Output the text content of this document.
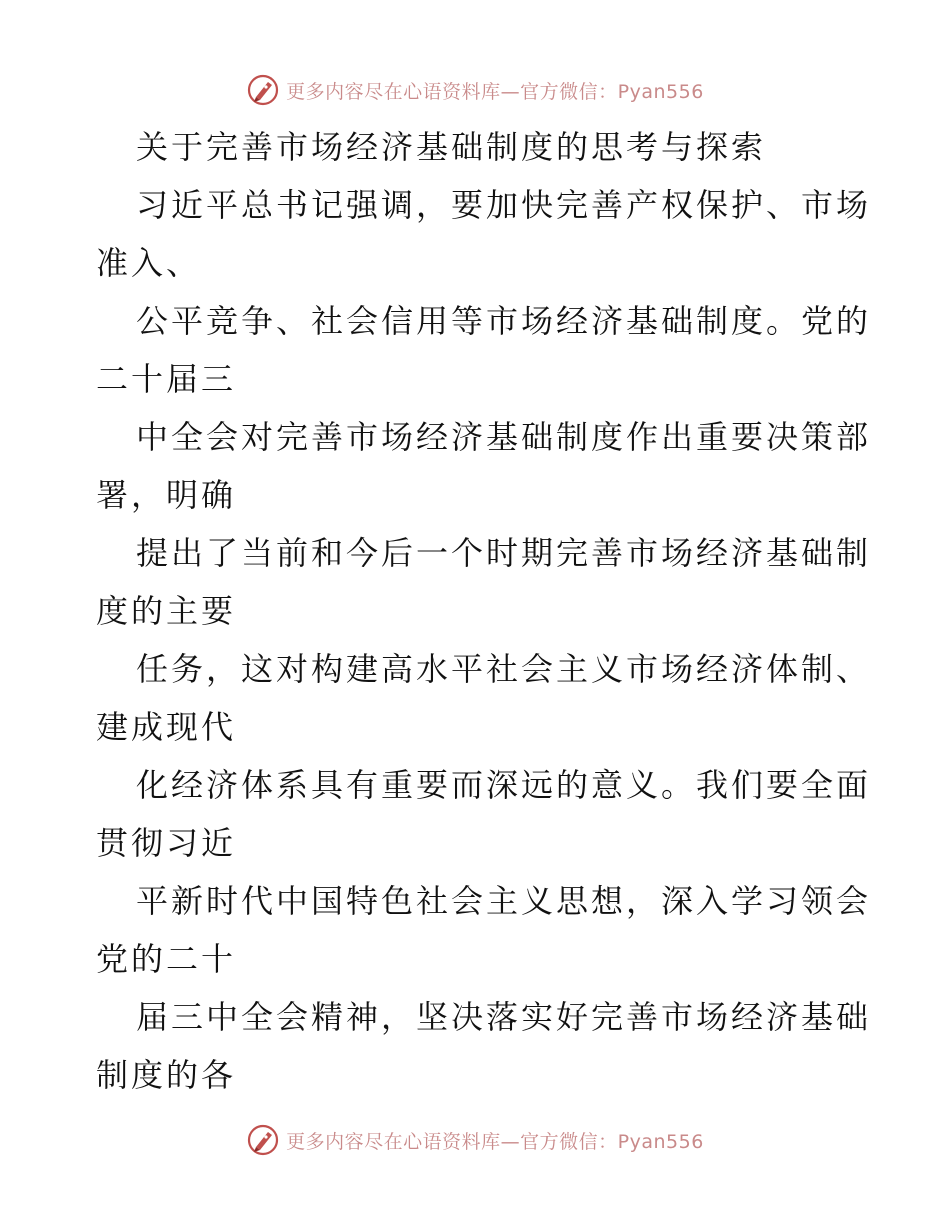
更多内容尽在心语资料库—官方微信：Pyan556
关于完善市场经济基础制度的思考与探索
习近平总书记强调，要加快完善产权保护、市场
准入、
公平竞争、社会信用等市场经济基础制度。党的
二十届三
中全会对完善市场经济基础制度作出重要决策部
署，明确
提出了当前和今后一个时期完善市场经济基础制
度的主要
任务，这对构建高水平社会主义市场经济体制、
建成现代
化经济体系具有重要而深远的意义。我们要全面
贯彻习近
平新时代中国特色社会主义思想，深入学习领会
党的二十
届三中全会精神，坚决落实好完善市场经济基础
制度的各
更多内容尽在心语资料库—官方微信：Pyan556
